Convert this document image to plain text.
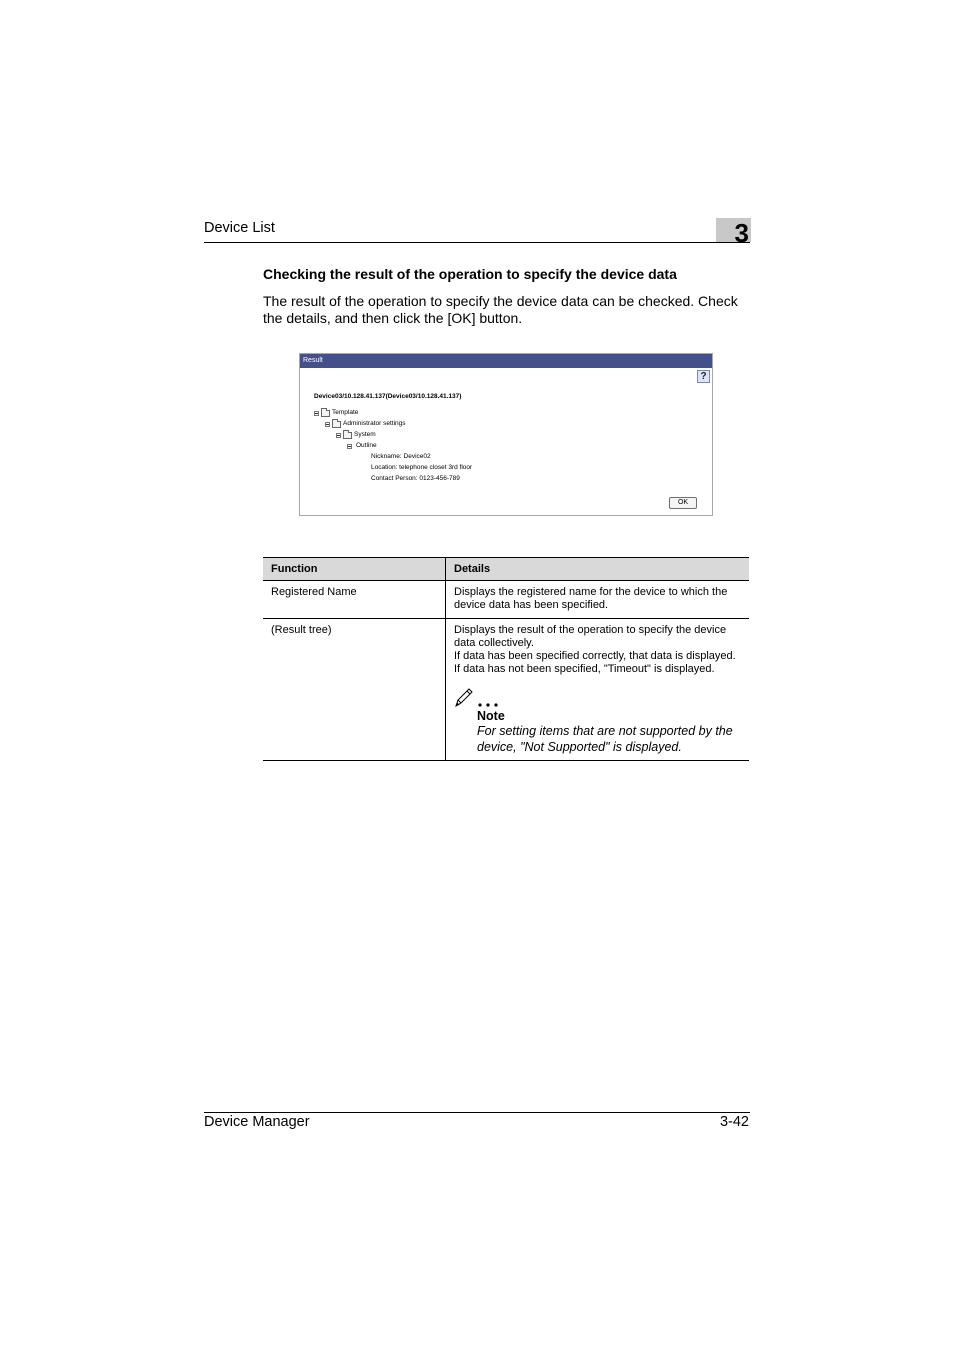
Device List	3
Checking the result of the operation to specify the device data
The result of the operation to specify the device data can be checked. Check the details, and then click the [OK] button.
Result
?
Device03/10.128.41.137(Device03/10.128.41.137)
Template
Administrator settings
System
Outline
Nickname: Device02
Location: telephone closet 3rd floor
Contact Person: 0123-456-789
OK
Function	Details
Registered Name	Displays the registered name for the device to which the device data has been specified.
(Result tree)	Displays the result of the operation to specify the device data collectively.
If data has been specified correctly, that data is displayed.
If data has not been specified, "Timeout" is displayed.
Note
For setting items that are not supported by the device, "Not Supported" is displayed.
Device Manager	3-42
